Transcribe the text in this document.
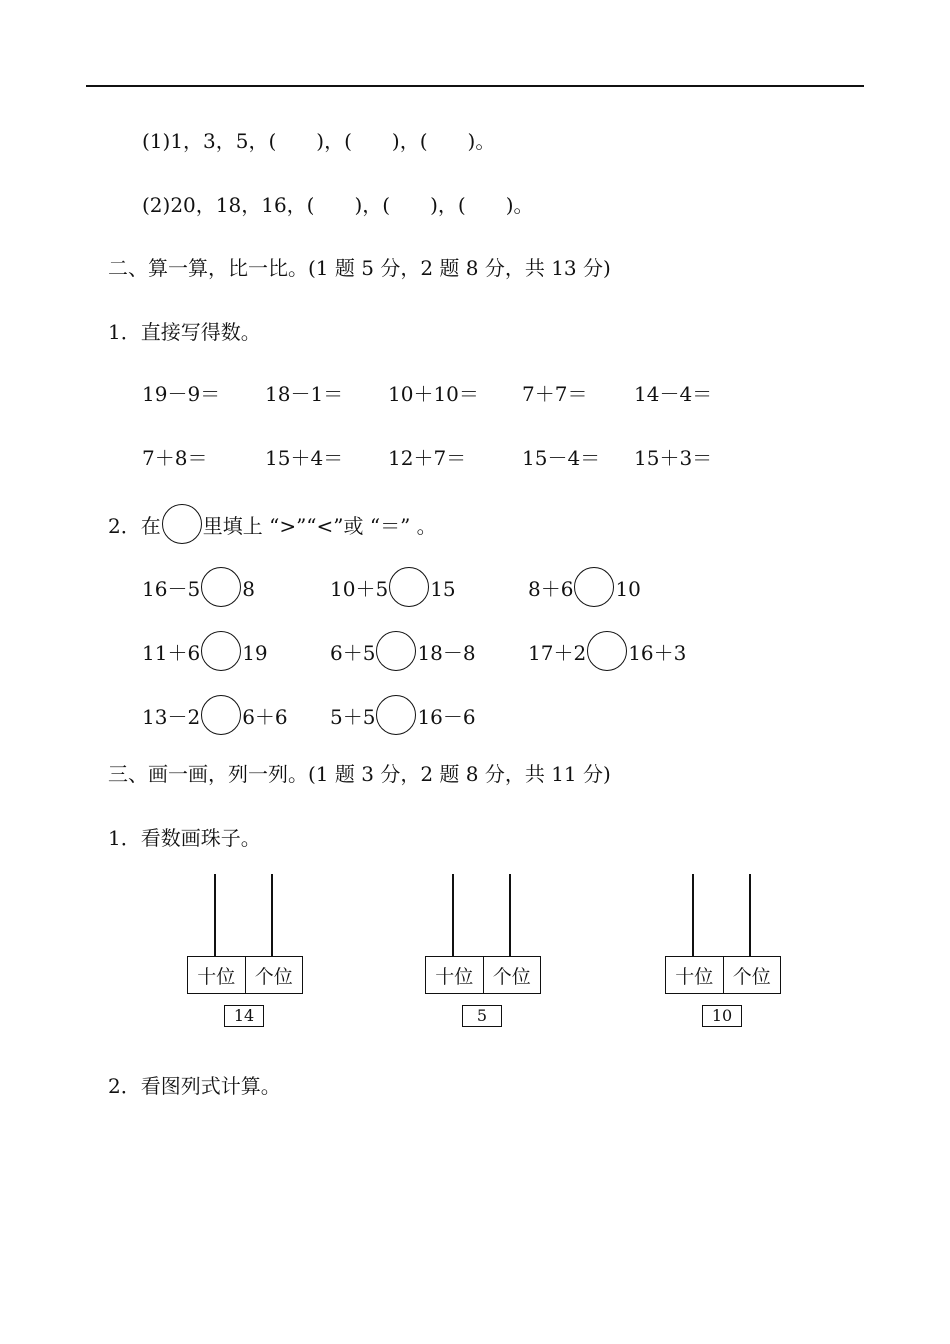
(1)1，3，5，(　　)，(　　)，(　　)。
(2)20，18，16，(　　)，(　　)，(　　)。
二、算一算，比一比。(1 题 5 分，2 题 8 分，共 13 分)
1．直接写得数。
19－9＝ 18－1＝ 10＋10＝ 7＋7＝ 14－4＝
7＋8＝	15＋4＝ 12＋7＝	15－4＝ 15＋3＝
2．在 里填上 “>”“<”或 “＝” 。
16－5 8	10＋5 15	8＋6 10
11＋6 19	6＋5 18－8	17＋2 16＋3
13－2 6＋6 5＋5 16－6
三、画一画，列一列。(1 题 3 分，2 题 8 分，共 11 分)
1．看数画珠子。
十位	个位
14
十位	个位
5
十位	个位
10
2．看图列式计算。
